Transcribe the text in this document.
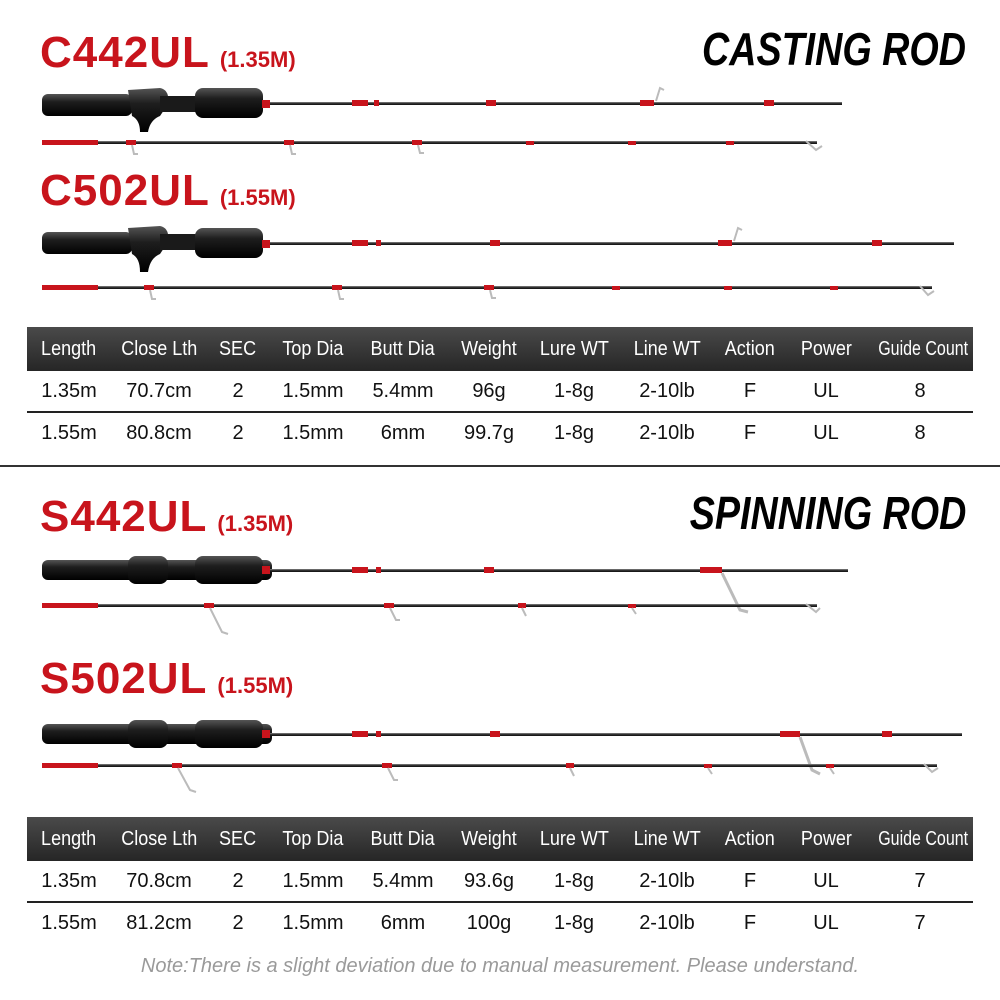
C442UL (1.35M)	CASTING ROD
C502UL (1.55M)
Length	Close Lth	SEC	Top Dia	Butt Dia	Weight	Lure WT	Line WT	Action	Power	Guide Count
1.35m	70.7cm	2	1.5mm	5.4mm	96g	1-8g	2-10lb	F	UL	8
1.55m	80.8cm	2	1.5mm	6mm	99.7g	1-8g	2-10lb	F	UL	8
S442UL (1.35M)	SPINNING ROD
S502UL (1.55M)
Length	Close Lth	SEC	Top Dia	Butt Dia	Weight	Lure WT	Line WT	Action	Power	Guide Count
1.35m	70.8cm	2	1.5mm	5.4mm	93.6g	1-8g	2-10lb	F	UL	7
1.55m	81.2cm	2	1.5mm	6mm	100g	1-8g	2-10lb	F	UL	7
Note:There is a slight deviation due to manual measurement. Please understand.
